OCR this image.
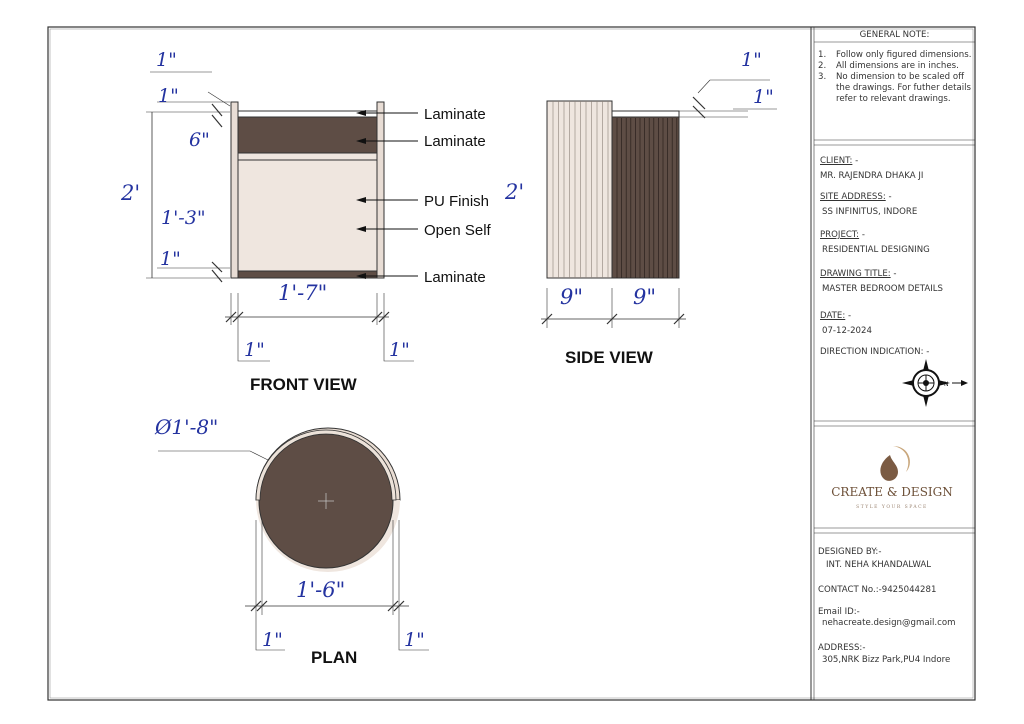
1"
1"
6"
2'
1'-3"
1"
1'-7"
1"	1"
Laminate
Laminate
PU Finish
Open Self
Laminate
FRONT VIEW
1"
1"
2'
9" 9"
SIDE VIEW
Ø1'-8"
1'-6"
1"	1"
PLAN
N
CREATE & DESIGN
STYLE YOUR SPACE
GENERAL NOTE:
1.	Follow only figured dimensions.
2.	All dimensions are in inches.
3.	No dimension to be scaled off the drawings. For futher details refer to relevant drawings.
CLIENT: -
MR. RAJENDRA DHAKA JI
SITE ADDRESS: -
SS INFINITUS, INDORE
PROJECT: -
RESIDENTIAL DESIGNING
DRAWING TITLE: -
MASTER BEDROOM DETAILS
DATE: -
07-12-2024
DIRECTION INDICATION: -
DESIGNED BY:-
INT. NEHA KHANDALWAL
CONTACT No.:-9425044281
Email ID:-
nehacreate.design@gmail.com
ADDRESS:-
305,NRK Bizz Park,PU4 Indore
